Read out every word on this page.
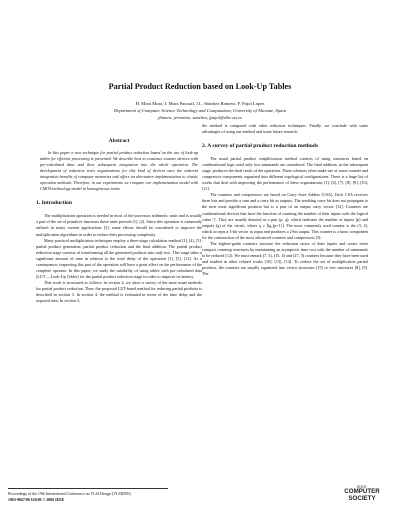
Partial Product Reduction based on Look-Up Tables
H. Mora Mora, J. Mora Pascual, J.L. Sánchez Romero, F. Pujol López
Department of Computer Science Technology and Computation, University of Alicante, Spain
jbmora, jeronimo, sanchez, fpujol@dtic.ua.es
Abstract

In this paper a new technique for partial product reduction based on the use of look-up tables for efficient processing is presented. We describe how to construct counter devices with pre-calculated data and their subsequent integration into the whole operation. The development of reduction trees organizations for this kind of devices uses the inherent integration benefits of computer memories and offers an alternative implementation to classic operation methods. Therefore, in our experiments we compare our implementation model with CMOS technology model in homogeneous terms.

1. Introduction

The multiplication operation is needed in most of the processor arithmetic units and is usually a part of the set of primitive functions these units provide [1], [2]. Since this operation is commonly utilized in many current applications [3], some efforts should be considered to improve the multiplication algorithms in order to reduce their processing complexity.

Many practical multiplication techniques employ a three-stage calculation method [1], [4], [5]: partial product generation, partial product reduction and the final addition. The partial product reduction stage consists of transforming all the generated products into only two. This stage takes a significant amount of time in relation to the total delay of the operation [1], [5], [13]. As a consequence, improving this part of the operation will have a great effect on the performance of the complete operator. In this paper, we study the suitability of using tables with pre-calculated data (LUT —Look-Up Tables) for the partial product reduction stage in order to improve its latency.

This work is structured as follows: in section 2, we show a survey of the most usual methods for partial product reduction. Then, the proposed LUT-based method for reducing partial products is described in section 3. In section 4, the method is evaluated in terms of the time delay and the required area. In section 5,

the method is compared with other reduction techniques. Finally, we conclude with some advantages of using our method and some future research.

2. A survey of partial product reduction methods

The usual partial product simplification method consists of using structures based on combinational logic until only two summands are considered. The final addition, in the subsequent stage, produces the final result of the operation. These schemes often make use of some counter and compressor components organized into different topological configurations. There is a huge list of works that deal with improving the performance of these organizations [1], [4], [7], [8], [9], [10], [11].

The counters and compressors are based on Carry Save Adders (CSA). Each CSA receives three bits and provide a sum and a carry bit as outputs. The resulting carry bit does not propagate to the next most significant position but is a part of an output carry vector [12]. Counters are combinational devices that have the function of counting the number of their inputs with the logical value '1'. They are usually denoted as a pair (p, q), which indicates the number of inputs (p) and outputs (q) of the circuit, where q ≥ ⌈lg₂(p+1)⌉. The most commonly used counter is the (3, 2), which accepts a 3-bit vector as input and produces a 2-bit output. This counter is a basic component for the construction of the most advanced counters and compressors [3].

The highest-grade counters increase the reduction ratios of their inputs and create more compact counting structures by maintaining an asymptotic time cost with the number of summands to be reduced [12]. We must remark (7, 3), (15, 4) and (27, 5) counters because they have been used and studied in other related works [10], [13], [14]. To reduce the set of multiplication partial products, the counters are usually organized into vector structures [15] or tree structures [8], [9]. The

Proceedings of the 19th International Conference on VLSI Design (VLSID'06)
1063-9667/06 $20.00 © 2006 IEEE
IEEE
COMPUTER
SOCIETY
